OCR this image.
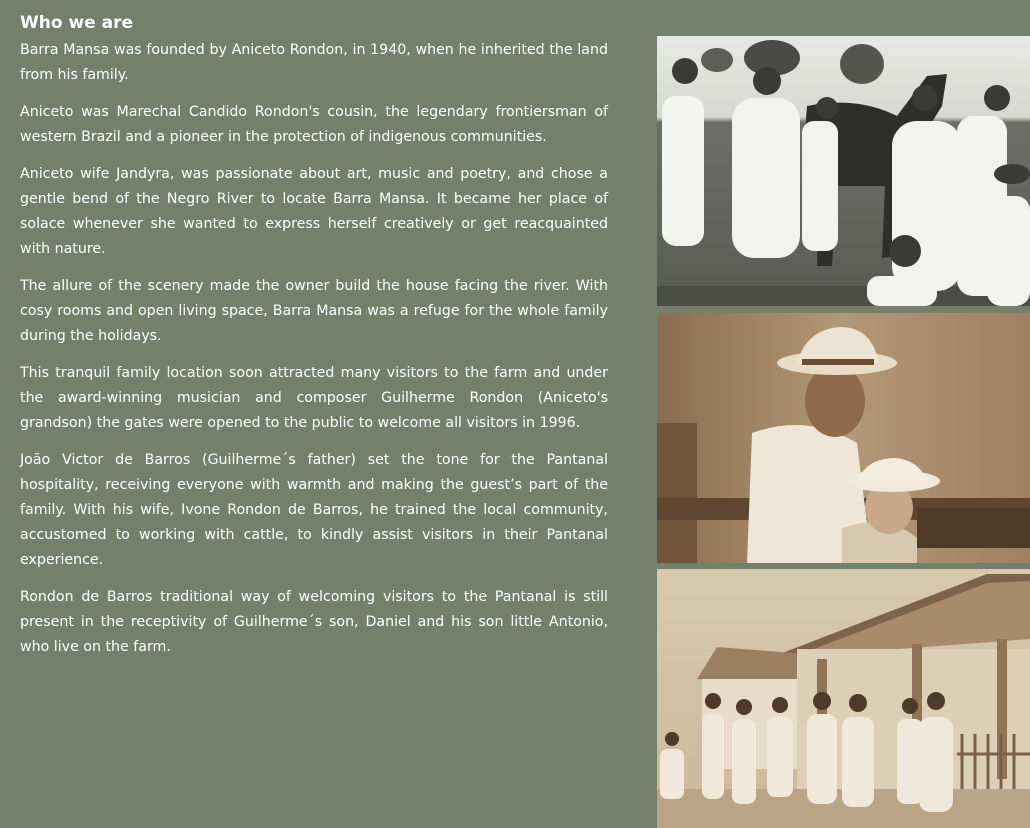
Who we are

Barra Mansa was founded by Aniceto Rondon, in 1940, when he inherited the land from his family.

Aniceto was Marechal Candido Rondon's cousin, the legendary frontiersman of western Brazil and a pioneer in the protection of indigenous communities.

Aniceto wife Jandyra, was passionate about art, music and poetry, and chose a gentle bend of the Negro River to locate Barra Mansa. It became her place of solace whenever she wanted to express herself creatively or get reacquainted with nature.

The allure of the scenery made the owner build the house facing the river. With cosy rooms and open living space, Barra Mansa was a refuge for the whole family during the holidays.

This tranquil family location soon attracted many visitors to the farm and under the award-winning musician and composer Guilherme Rondon (Aniceto's grandson) the gates were opened to the public to welcome all visitors in 1996.

João Victor de Barros (Guilherme´s father) set the tone for the Pantanal hospitality, receiving everyone with warmth and making the guest’s part of the family. With his wife, Ivone Rondon de Barros, he trained the local community, accustomed to working with cattle, to kindly assist visitors in their Pantanal experience.

Rondon de Barros traditional way of welcoming visitors to the Pantanal is still present in the receptivity of Guilherme´s son, Daniel and his son little Antonio, who live on the farm.
